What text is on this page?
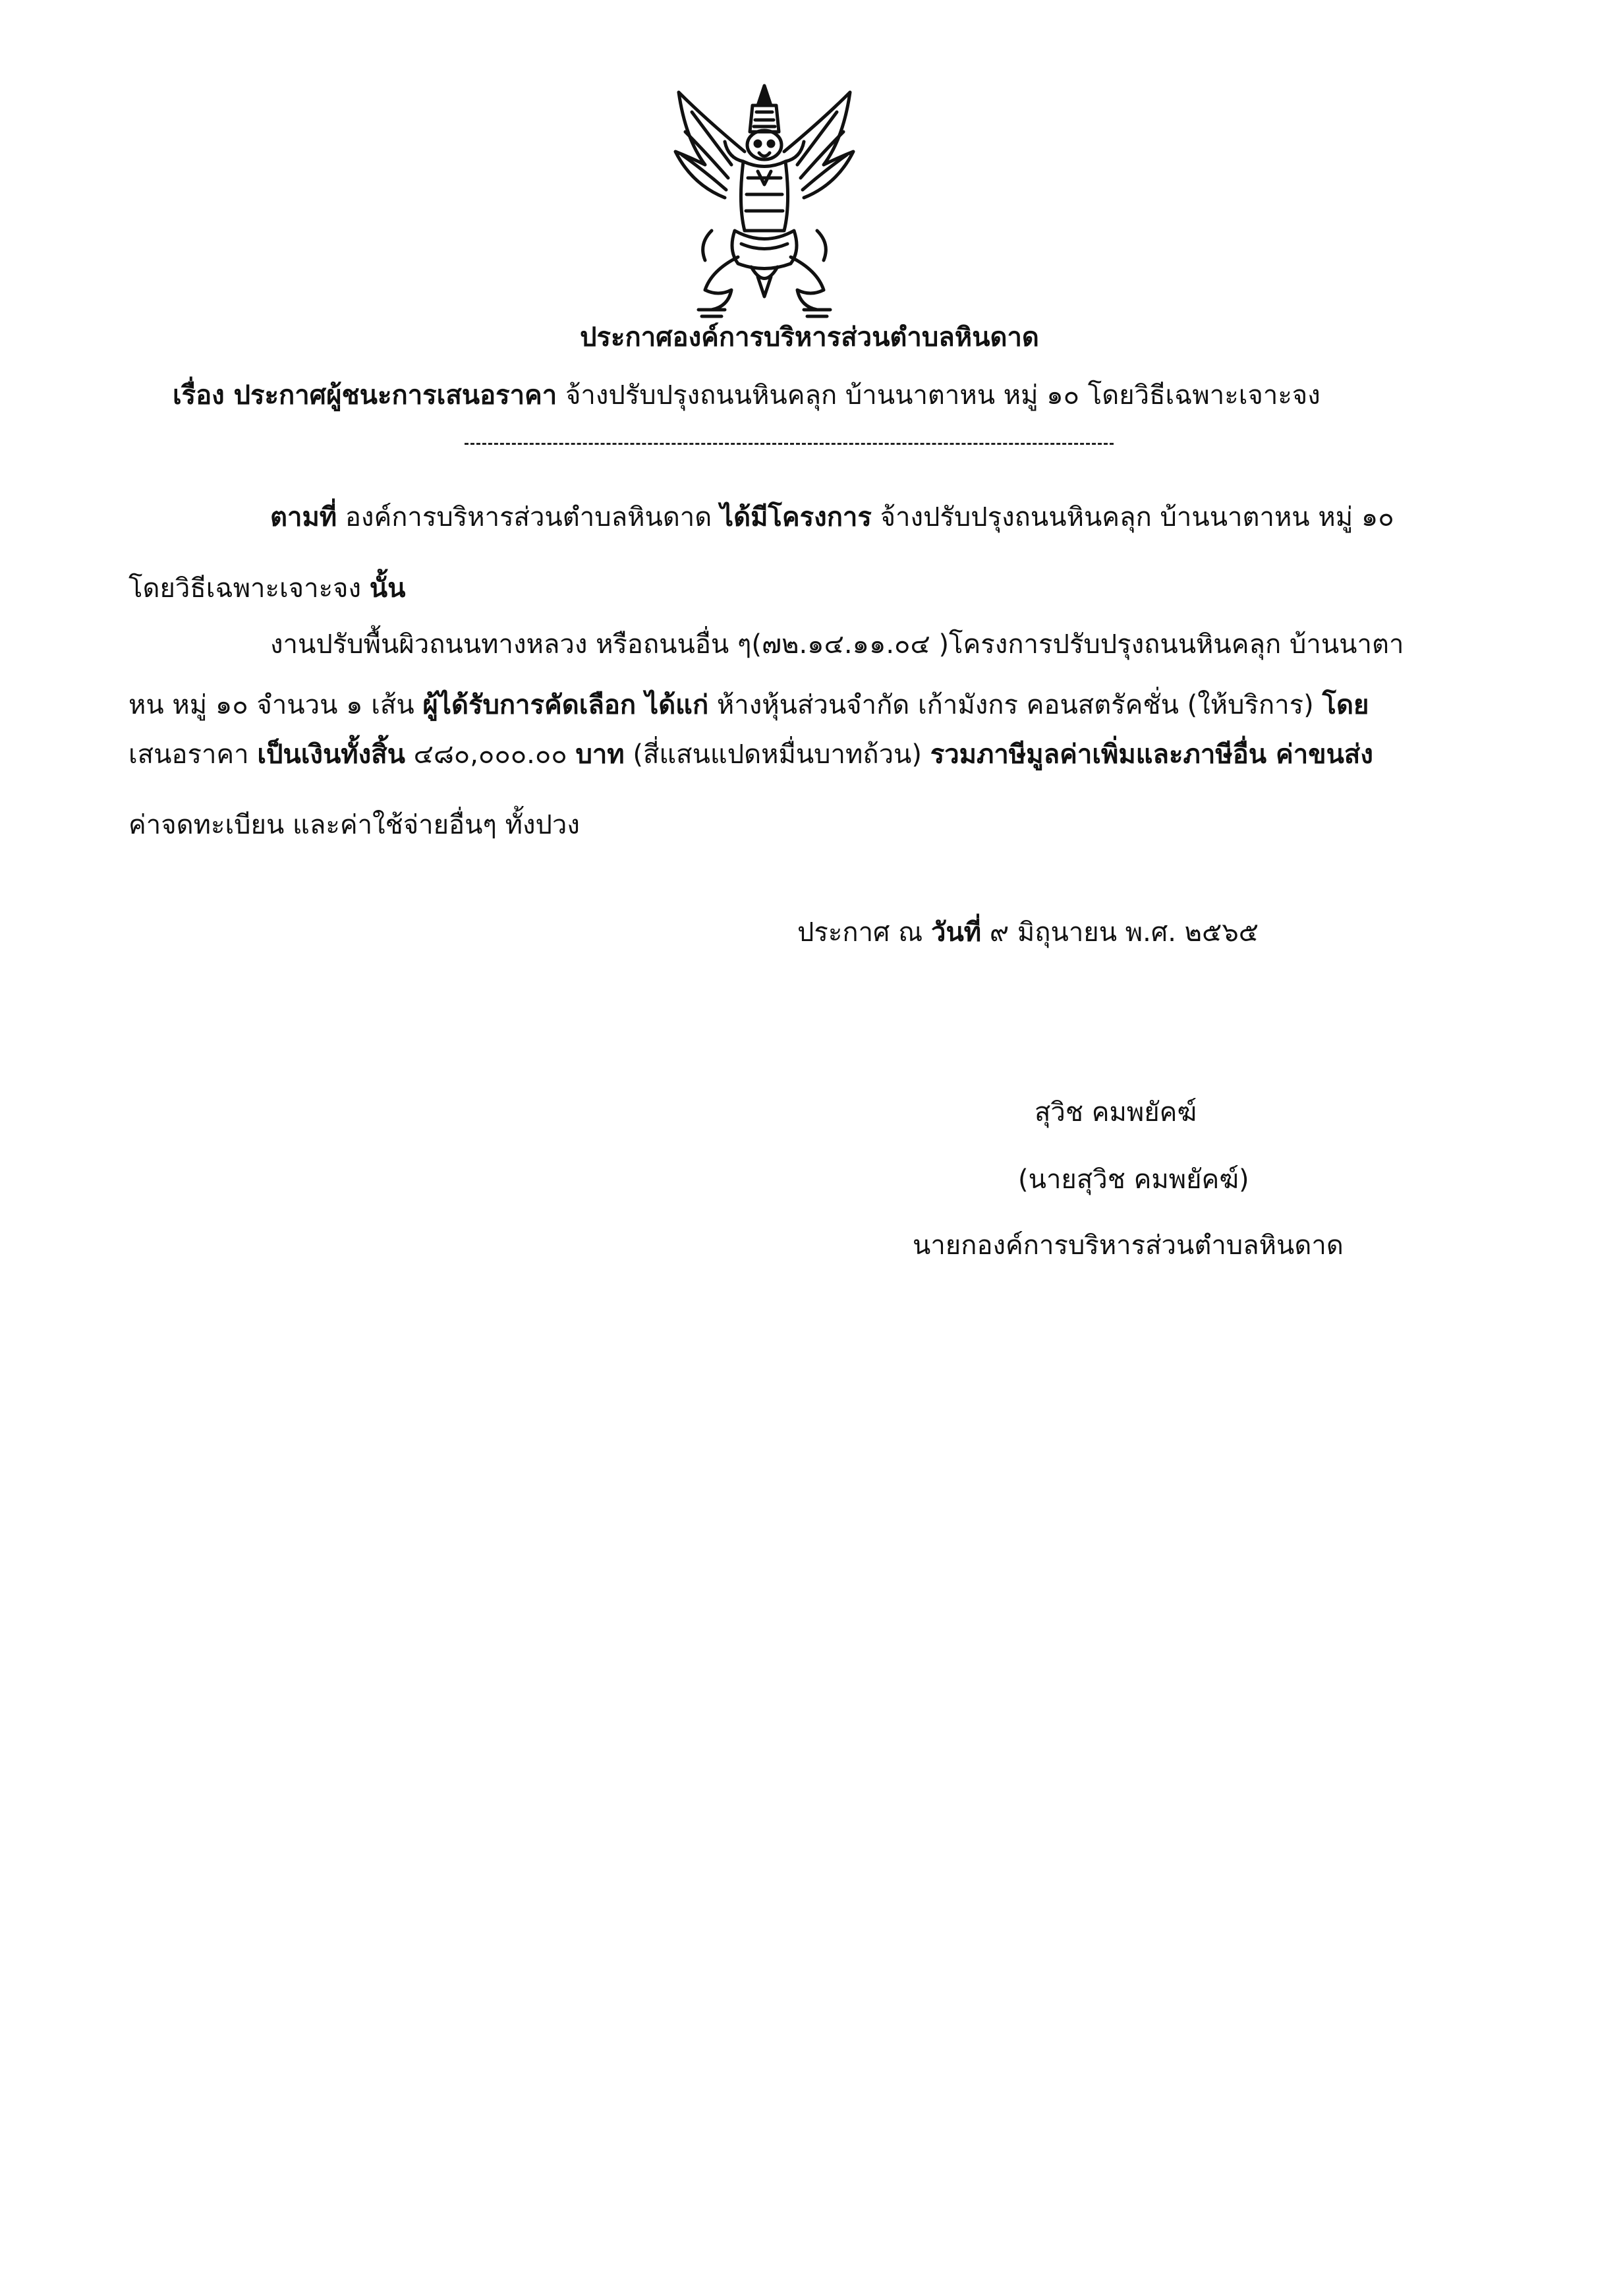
ประกาศองค์การบริหารส่วนตำบลหินดาด
เรื่อง ประกาศผู้ชนะการเสนอราคา จ้างปรับปรุงถนนหินคลุก บ้านนาตาหน หมู่ ๑๐ โดยวิธีเฉพาะเจาะจง
ตามที่ องค์การบริหารส่วนตำบลหินดาด ได้มีโครงการ จ้างปรับปรุงถนนหินคลุก บ้านนาตาหน หมู่ ๑๐
โดยวิธีเฉพาะเจาะจง นั้น
งานปรับพื้นผิวถนนทางหลวง หรือถนนอื่น ๆ(๗๒.๑๔.๑๑.๐๔ )โครงการปรับปรุงถนนหินคลุก บ้านนาตา
หน หมู่ ๑๐ จำนวน ๑ เส้น ผู้ได้รับการคัดเลือก ได้แก่ ห้างหุ้นส่วนจำกัด เก้ามังกร คอนสตรัคชั่น (ให้บริการ) โดย
เสนอราคา เป็นเงินทั้งสิ้น ๔๘๐,๐๐๐.๐๐ บาท (สี่แสนแปดหมื่นบาทถ้วน) รวมภาษีมูลค่าเพิ่มและภาษีอื่น ค่าขนส่ง
ค่าจดทะเบียน และค่าใช้จ่ายอื่นๆ ทั้งปวง
ประกาศ ณ วันที่ ๙ มิถุนายน พ.ศ. ๒๕๖๕
สุวิช คมพยัคฆ์
(นายสุวิช คมพยัคฆ์)
นายกองค์การบริหารส่วนตำบลหินดาด
